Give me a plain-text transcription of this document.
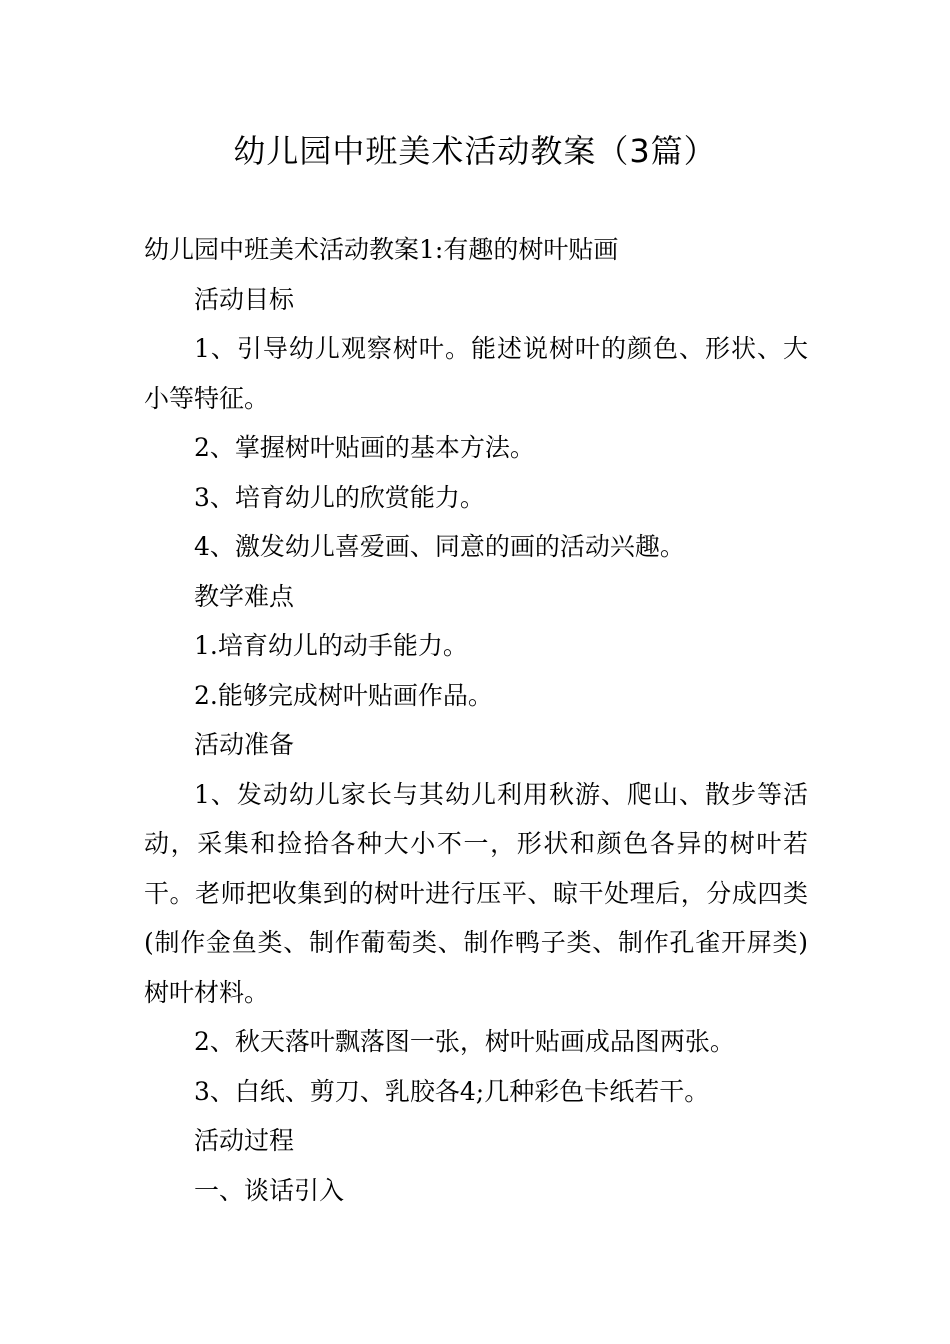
幼儿园中班美术活动教案（3篇）

幼儿园中班美术活动教案1:有趣的树叶贴画

活动目标

1、引导幼儿观察树叶。能述说树叶的颜色、形状、大小等特征。

2、掌握树叶贴画的基本方法。

3、培育幼儿的欣赏能力。

4、激发幼儿喜爱画、同意的画的活动兴趣。

教学难点

1.培育幼儿的动手能力。

2.能够完成树叶贴画作品。

活动准备

1、发动幼儿家长与其幼儿利用秋游、爬山、散步等活动，采集和捡拾各种大小不一，形状和颜色各异的树叶若干。老师把收集到的树叶进行压平、晾干处理后，分成四类(制作金鱼类、制作葡萄类、制作鸭子类、制作孔雀开屏类)树叶材料。

2、秋天落叶飘落图一张，树叶贴画成品图两张。

3、白纸、剪刀、乳胶各4;几种彩色卡纸若干。

活动过程

一、谈话引入
